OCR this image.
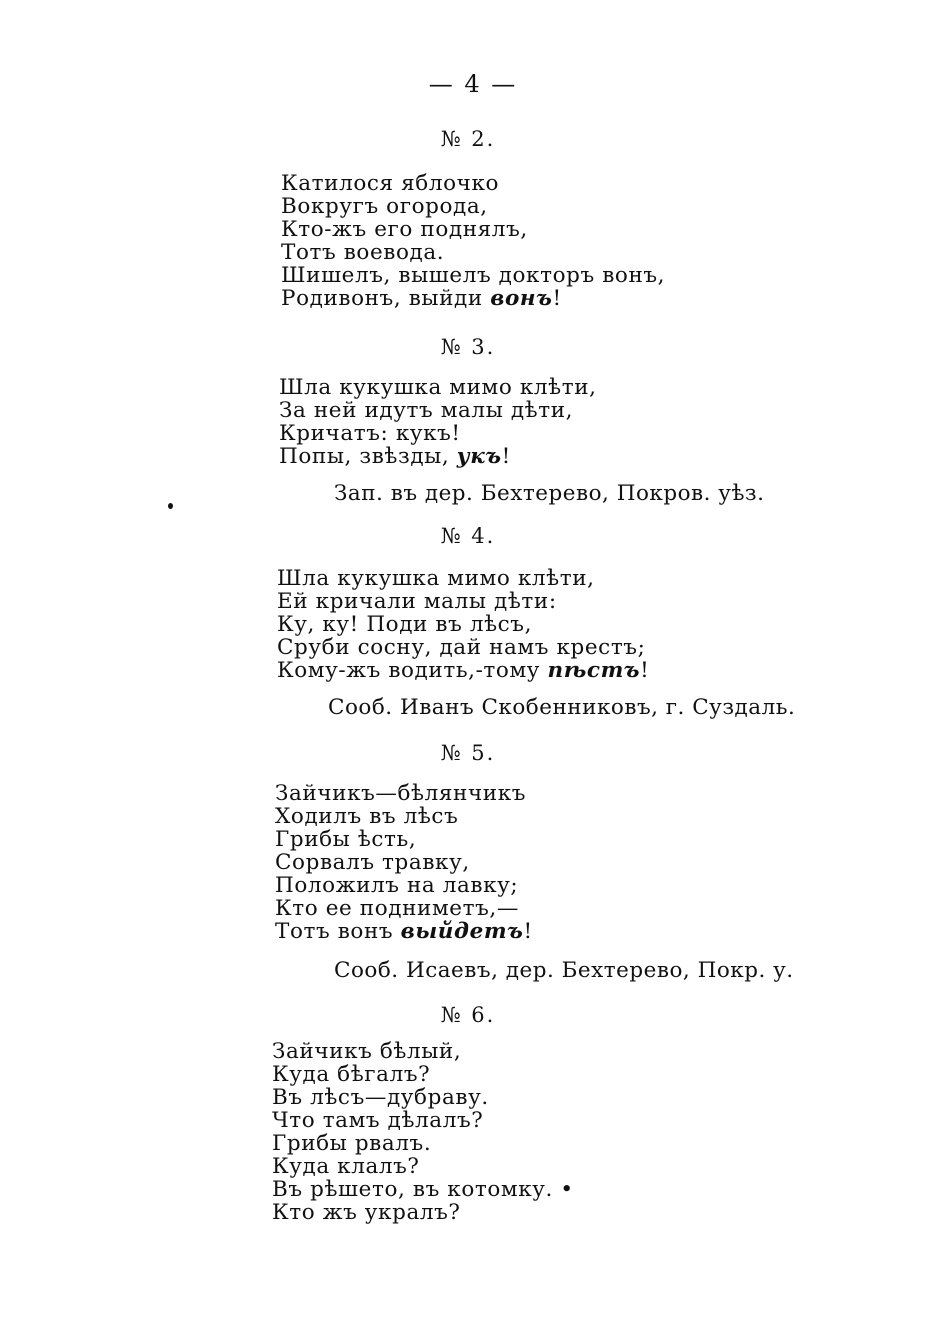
— 4 —
№ 2.
Катилося яблочко
Вокругъ огорода,
Кто-жъ его поднялъ,
Тотъ воевода.
Шишелъ, вышелъ докторъ вонъ,
Родивонъ, выйди вонъ!
№ 3.
Шла кукушка мимо клѣти,
За ней идутъ малы дѣти,
Кричатъ: кукъ!
Попы, звѣзды, укъ!
Зап. въ дер. Бехтерево, Покров. уѣз.
№ 4.
Шла кукушка мимо клѣти,
Ей кричали малы дѣти:
Ку, ку! Поди въ лѣсъ,
Сруби сосну, дай намъ крестъ;
Кому-жъ водить,-тому пѣстъ!
Сооб. Иванъ Скобенниковъ, г. Суздаль.
№ 5.
Зайчикъ—бѣлянчикъ
Ходилъ въ лѣсъ
Грибы ѣсть,
Сорвалъ травку,
Положилъ на лавку;
Кто ее подниметъ,—
Тотъ вонъ выйдетъ!
Сооб. Исаевъ, дер. Бехтерево, Покр. у.
№ 6.
Зайчикъ бѣлый,
Куда бѣгалъ?
Въ лѣсъ—дубраву.
Что тамъ дѣлалъ?
Грибы рвалъ.
Куда клалъ?
Въ рѣшето, въ котомку. •
Кто жъ укралъ?
